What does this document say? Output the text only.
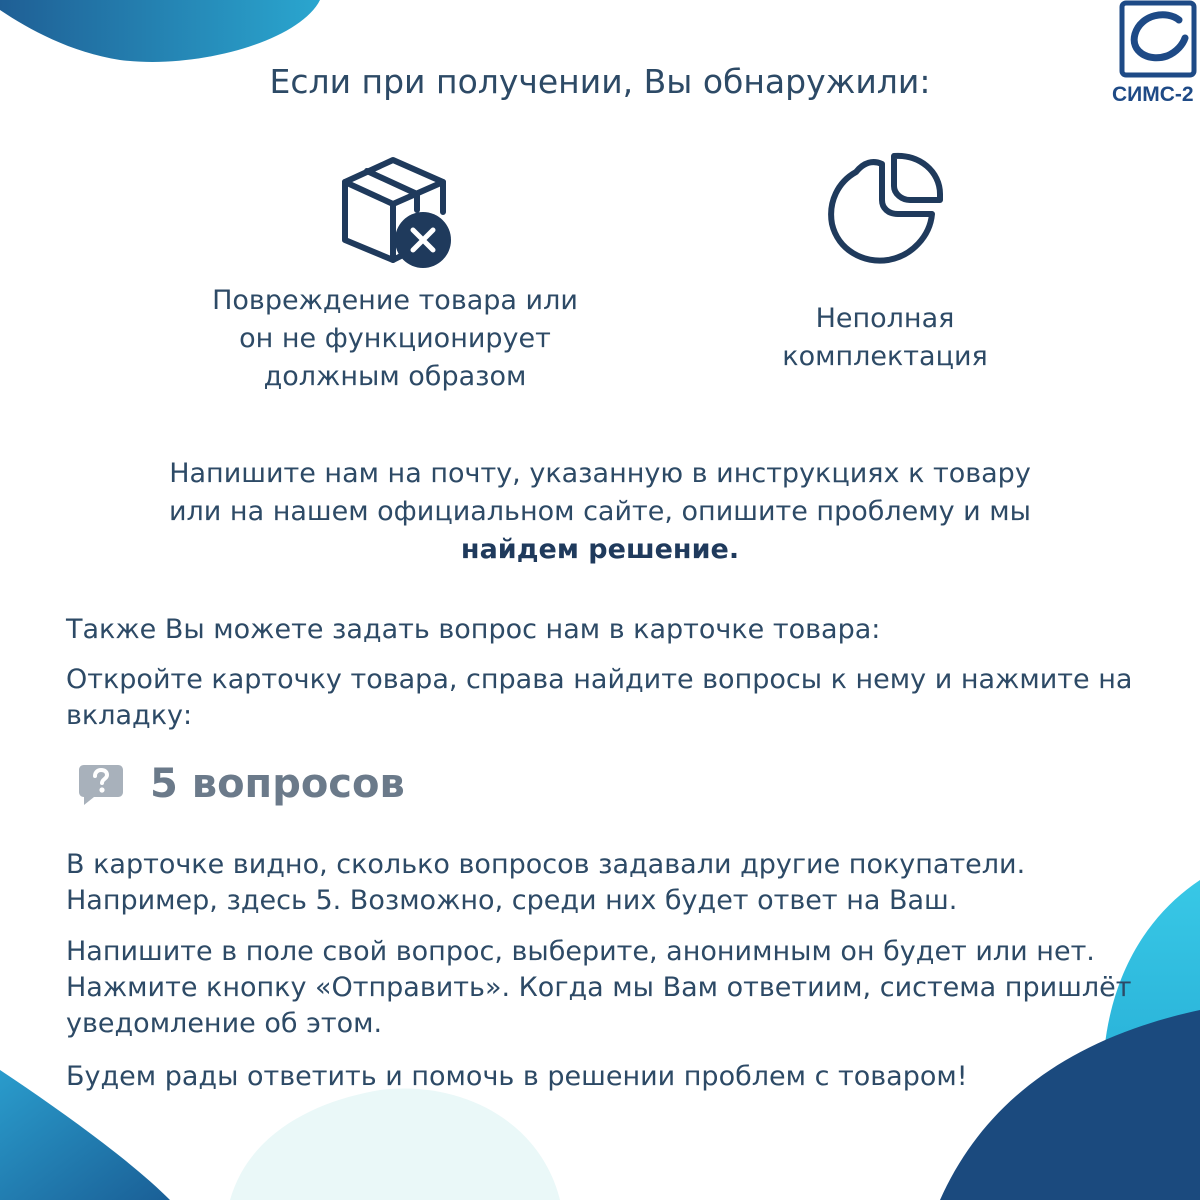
СИМС-2
Если при получении, Вы обнаружили:
Повреждение товара или
он не функционирует
должным образом
Неполная
комплектация
Напишите нам на почту, указанную в инструкциях к товару
или на нашем официальном сайте, опишите проблему и мы
найдем решение.

Также Вы можете задать вопрос нам в карточке товара:

Откройте карточку товара, справа найдите вопросы к нему и нажмите на вкладку:

5 вопросов

В карточке видно, сколько вопросов задавали другие покупатели. Например, здесь 5. Возможно, среди них будет ответ на Ваш.

Напишите в поле свой вопрос, выберите, анонимным он будет или нет. Нажмите кнопку «Отправить». Когда мы Вам ответиим, система пришлёт уведомление об этом.

Будем рады ответить и помочь в решении проблем с товаром!
